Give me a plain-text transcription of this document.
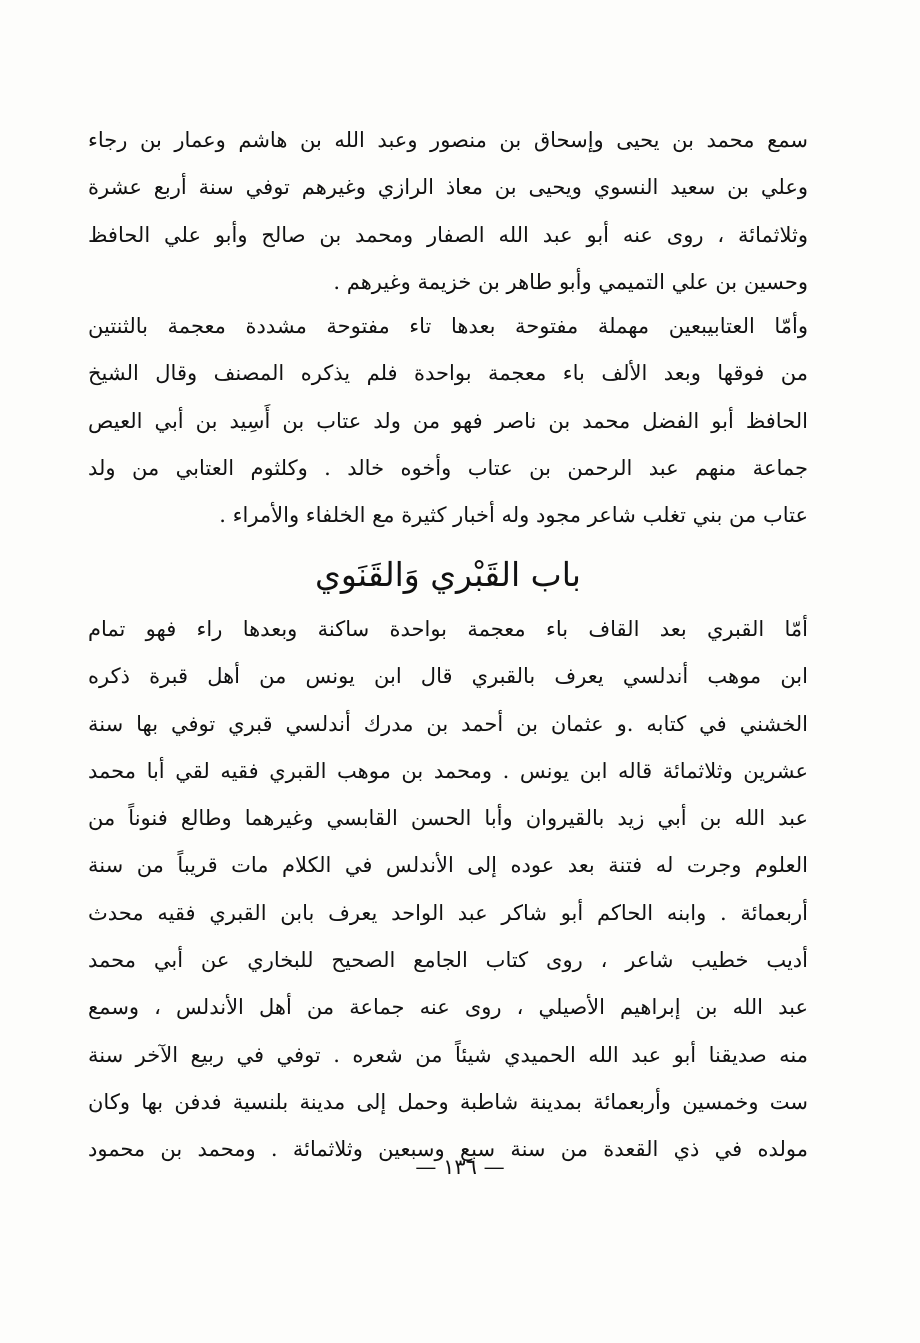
سمع محمد بن يحيى وإسحاق بن منصور وعبد الله بن هاشم وعمار بن رجاء
وعلي بن سعيد النسوي ويحيى بن معاذ الرازي وغيرهم توفي سنة أربع عشرة
وثلاثمائة ، روى عنه أبو عبد الله الصفار ومحمد بن صالح وأبو علي الحافظ
وحسين بن علي التميمي وأبو طاهر بن خزيمة وغيرهم .
وأمّا العتابيبعين مهملة مفتوحة بعدها تاء مفتوحة مشددة معجمة بالثنتين
من فوقها وبعد الألف باء معجمة بواحدة فلم يذكره المصنف وقال الشيخ
الحافظ أبو الفضل محمد بن ناصر فهو من ولد عتاب بن أَسِيد بن أبي العيص
جماعة منهم عبد الرحمن بن عتاب وأخوه خالد . وكلثوم العتابي من ولد
عتاب من بني تغلب شاعر مجود وله أخبار كثيرة مع الخلفاء والأمراء .
باب القَبْري وَالقَنَوي
أمّا القبري بعد القاف باء معجمة بواحدة ساكنة وبعدها راء فهو تمام
ابن موهب أندلسي يعرف بالقبري قال ابن يونس من أهل قبرة ذكره
الخشني في كتابه .و عثمان بن أحمد بن مدرك أندلسي قبري توفي بها سنة
عشرين وثلاثمائة قاله ابن يونس . ومحمد بن موهب القبري فقيه لقي أبا محمد
عبد الله بن أبي زيد بالقيروان وأبا الحسن القابسي وغيرهما وطالع فنوناً من
العلوم وجرت له فتنة بعد عوده إلى الأندلس في الكلام مات قريباً من سنة
أربعمائة . وابنه الحاكم أبو شاكر عبد الواحد يعرف بابن القبري فقيه محدث
أديب خطيب شاعر ، روى كتاب الجامع الصحيح للبخاري عن أبي محمد
عبد الله بن إبراهيم الأصيلي ، روى عنه جماعة من أهل الأندلس ، وسمع
منه صديقنا أبو عبد الله الحميدي شيئاً من شعره . توفي في ربيع الآخر سنة
ست وخمسين وأربعمائة بمدينة شاطبة وحمل إلى مدينة بلنسية فدفن بها وكان
مولده في ذي القعدة من سنة سبع وسبعين وثلاثمائة . ومحمد بن محمود
— ١٣٦ —
